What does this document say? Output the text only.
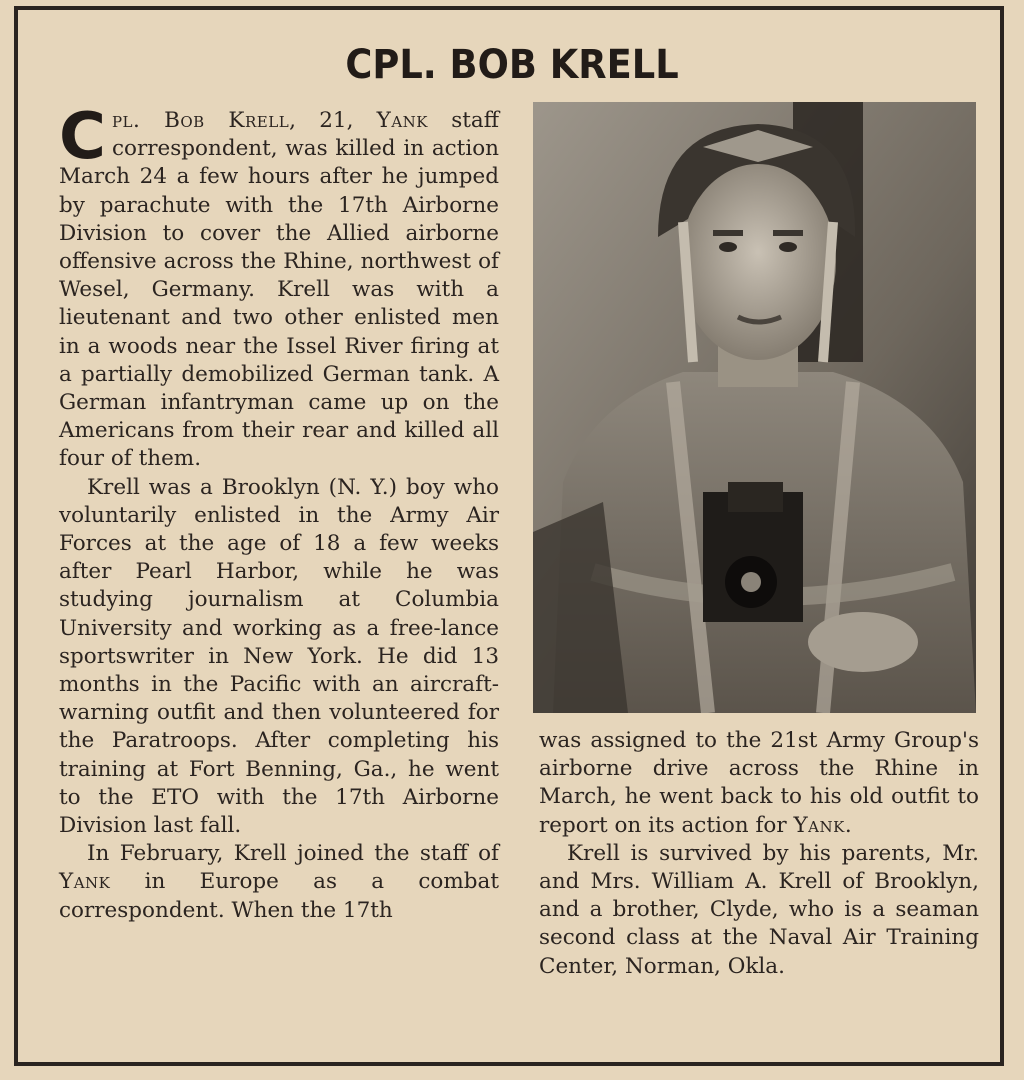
CPL. BOB KRELL

Cpl. Bob Krell, 21, Yank staff correspondent, was killed in action March 24 a few hours after he jumped by parachute with the 17th Airborne Division to cover the Allied airborne offensive across the Rhine, northwest of Wesel, Germany. Krell was with a lieutenant and two other enlisted men in a woods near the Issel River firing at a partially demobilized German tank. A German infantryman came up on the Americans from their rear and killed all four of them.

Krell was a Brooklyn (N. Y.) boy who voluntarily enlisted in the Army Air Forces at the age of 18 a few weeks after Pearl Harbor, while he was studying journalism at Columbia University and working as a free-lance sportswriter in New York. He did 13 months in the Pacific with an aircraft-warning outfit and then volunteered for the Paratroops. After completing his training at Fort Benning, Ga., he went to the ETO with the 17th Airborne Division last fall.

In February, Krell joined the staff of Yank in Europe as a combat correspondent. When the 17th

was assigned to the 21st Army Group's airborne drive across the Rhine in March, he went back to his old outfit to report on its action for Yank.

Krell is survived by his parents, Mr. and Mrs. William A. Krell of Brooklyn, and a brother, Clyde, who is a seaman second class at the Naval Air Training Center, Norman, Okla.
